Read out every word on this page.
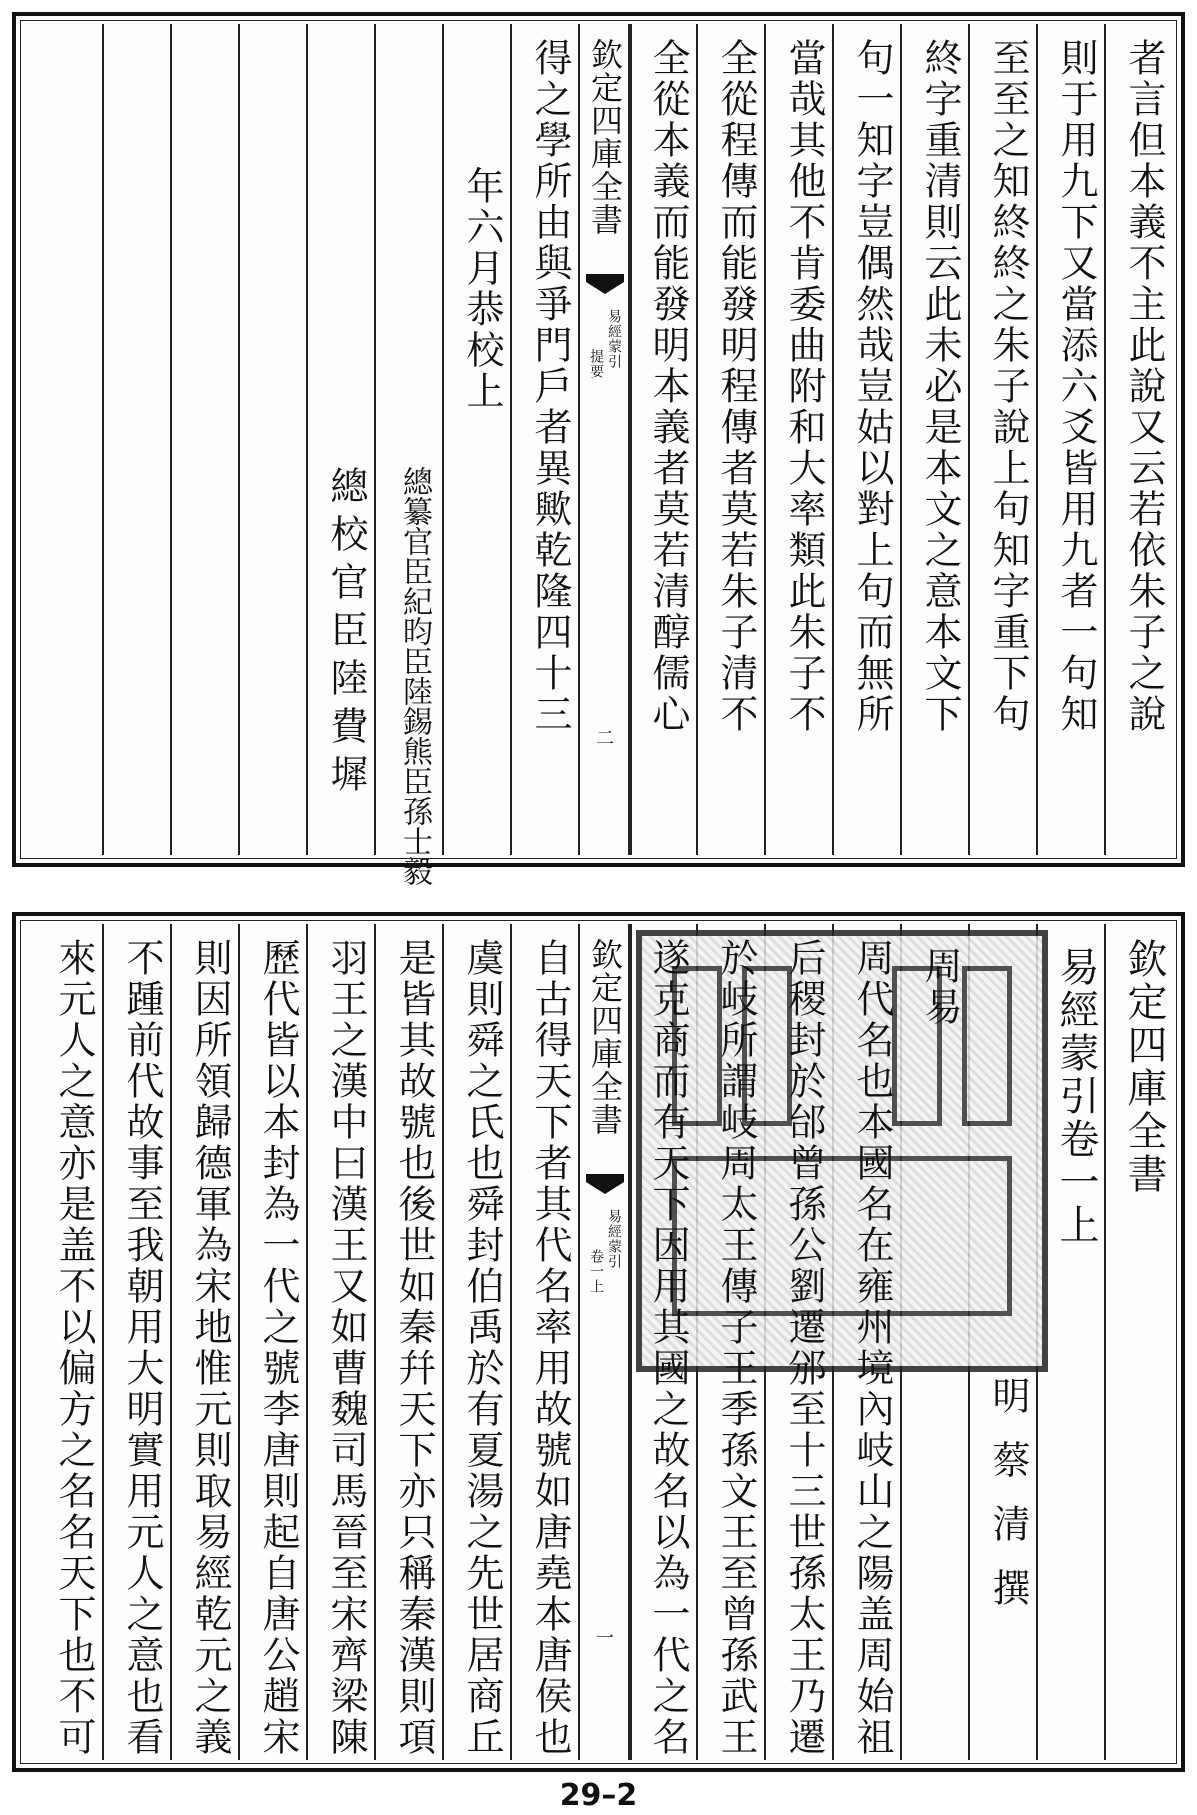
者言但本義不主此說又云若依朱子之說
則于用九下又當添六爻皆用九者一句知
至至之知終終之朱子說上句知字重下句
終字重清則云此未必是本文之意本文下
句一知字豈偶然哉豈姑以對上句而無所
當哉其他不肯委曲附和大率類此朱子不
全從程傳而能發明程傳者莫若朱子清不
全從本義而能發明本義者莫若清醇儒心
得之學所由與爭門戶者異歟乾隆四十三
年六月恭校上
總纂官臣紀昀臣陸錫熊臣孫士毅
總校官臣陸費墀
欽定四庫全書
易經蒙引
提要
二
欽定四庫全書
易經蒙引卷一上
明蔡清撰
周易
周代名也本國名在雍州境內岐山之陽盖周始祖
后稷封於邰曾孫公劉遷邠至十三世孫太王乃遷
於岐所謂岐周太王傳子王季孫文王至曾孫武王
遂克商而有天下因用其國之故名以為一代之名
自古得天下者其代名率用故號如唐堯本唐侯也
虞則舜之氏也舜封伯禹於有夏湯之先世居商丘
是皆其故號也後世如秦幷天下亦只稱秦漢則項
羽王之漢中曰漢王又如曹魏司馬晉至宋齊梁陳
歷代皆以本封為一代之號李唐則起自唐公趙宋
則因所領歸德軍為宋地惟元則取易經乾元之義
不踵前代故事至我朝用大明實用元人之意也看
來元人之意亦是盖不以偏方之名名天下也不可	欽定四庫全書
易經蒙引
卷一上
一
29–2
